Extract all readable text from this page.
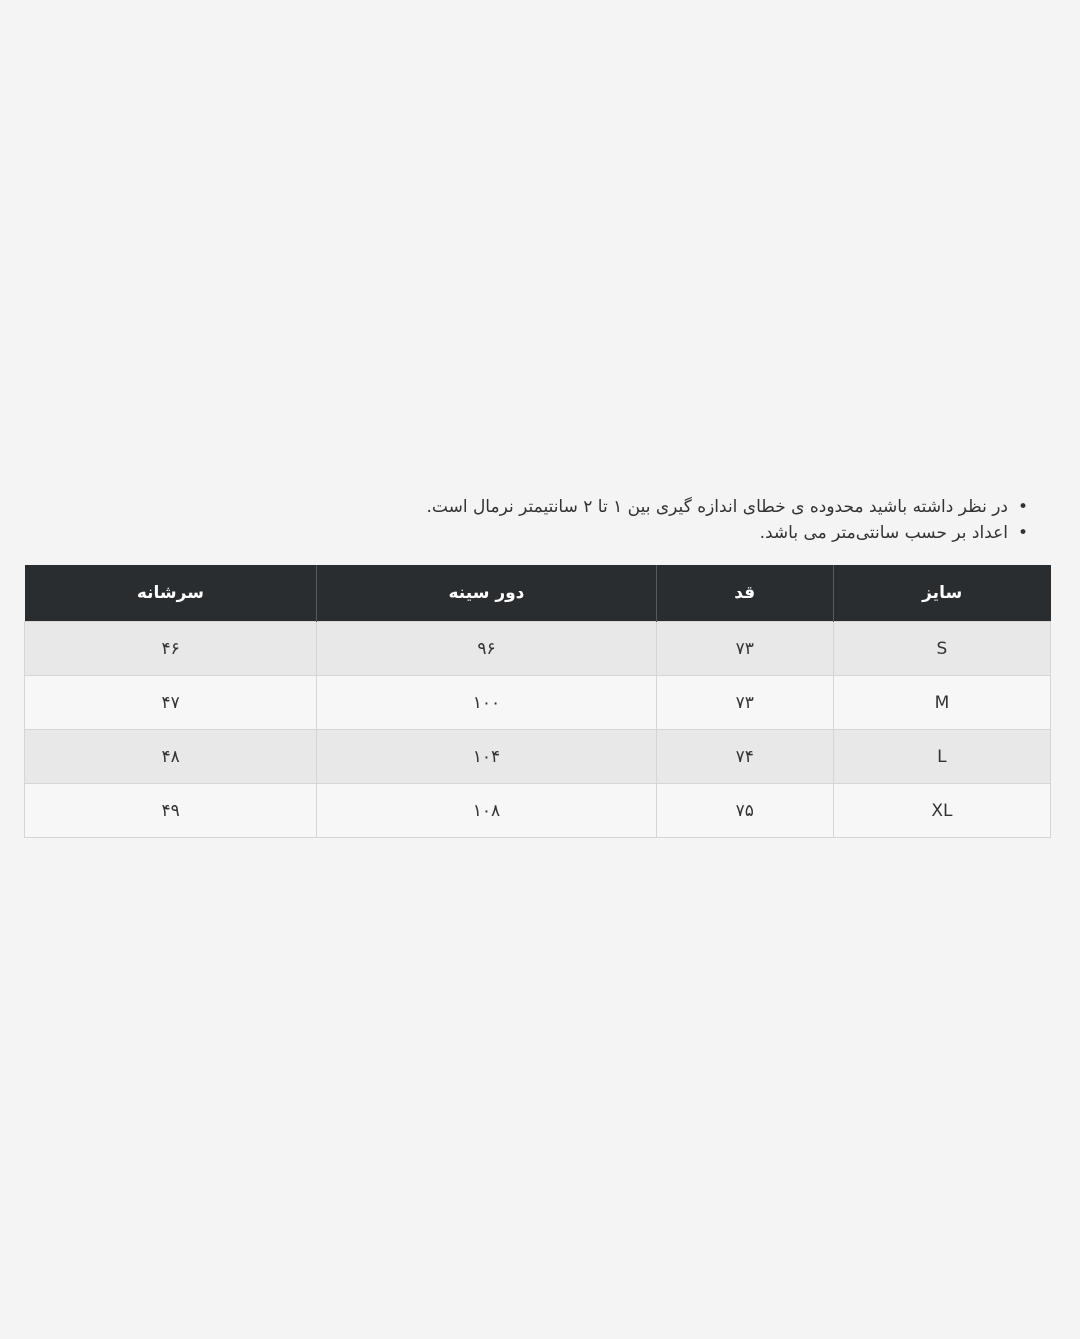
• در نظر داشته باشید محدوده ی خطای اندازه گیری بین ۱ تا ۲ سانتیمتر نرمال است.
• اعداد بر حسب سانتی‌متر می باشد.
سایز	قد	دور سینه	سرشانه
S	۷۳	۹۶	۴۶
M	۷۳	۱۰۰	۴۷
L	۷۴	۱۰۴	۴۸
XL	۷۵	۱۰۸	۴۹
